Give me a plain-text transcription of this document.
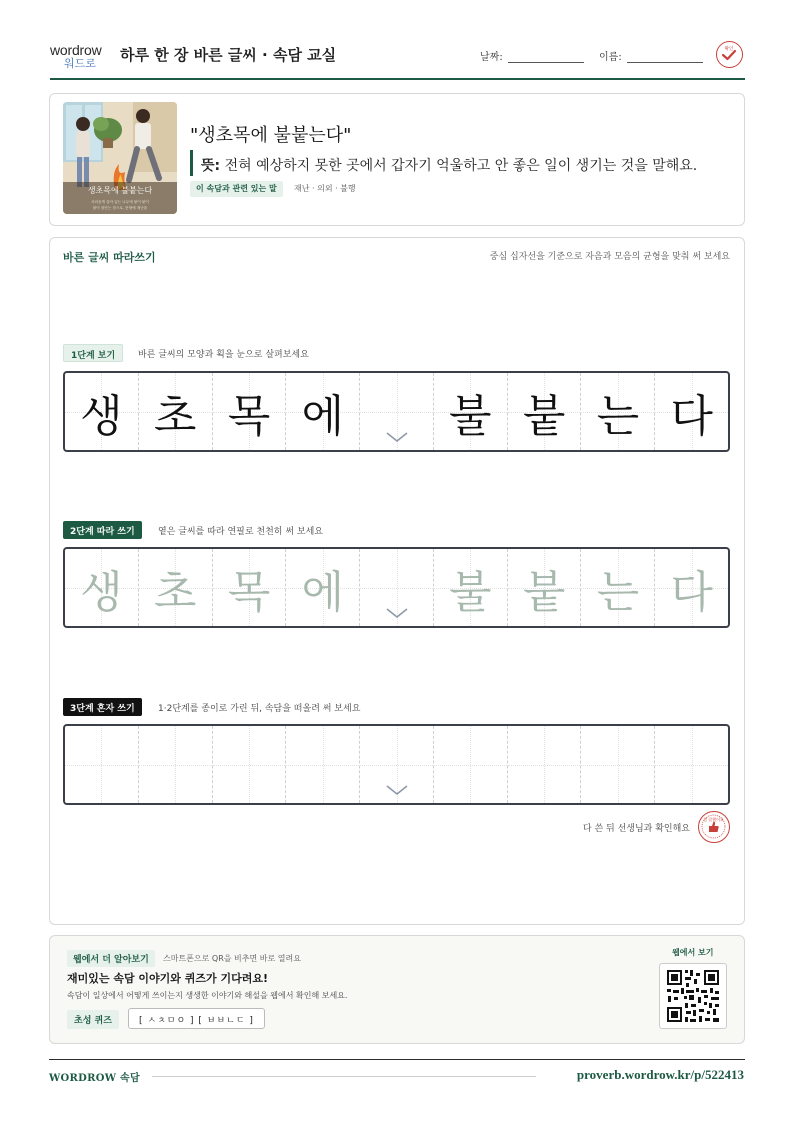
wordrow
워드로	하루 한 장 바른 글씨 · 속담 교실	날짜:	이름:
확인
생초목에 불붙는다
서러움게 살아 있는 나무에 불이 붙이
붙이 장단는 한으로, 뜻밖에 재난을
"생초목에 불붙는다"
뜻: 전혀 예상하지 못한 곳에서 갑자기 억울하고 안 좋은 일이 생기는 것을 말해요.
이 속담과 관련 있는 말	재난 · 의외 · 불행
바른 글씨 따라쓰기	중심 십자선을 기준으로 자음과 모음의 균형을 맞춰 써 보세요
1단계 보기	바른 글씨의 모양과 획을 눈으로 살펴보세요
생 초 목 에 불 붙 는 다
2단계 따라 쓰기	옅은 글씨를 따라 연필로 천천히 써 보세요
생 초 목 에 불 붙 는 다
3단계 혼자 쓰기	1·2단계를 종이로 가린 뒤, 속담을 떠올려 써 보세요
다 쓴 뒤 선생님과 확인해요
참 잘했어요
웹에서 더 알아보기	스마트폰으로 QR을 비추면 바로 열려요
재미있는 속담 이야기와 퀴즈가 기다려요!
속담이 일상에서 어떻게 쓰이는지 생생한 이야기와 해설을 웹에서 확인해 보세요.
초성 퀴즈	[ ㅅㅊㅁㅇ ] [ ㅂㅂㄴㄷ ]
웹에서 보기
WORDROW 속담	proverb.wordrow.kr/p/522413
